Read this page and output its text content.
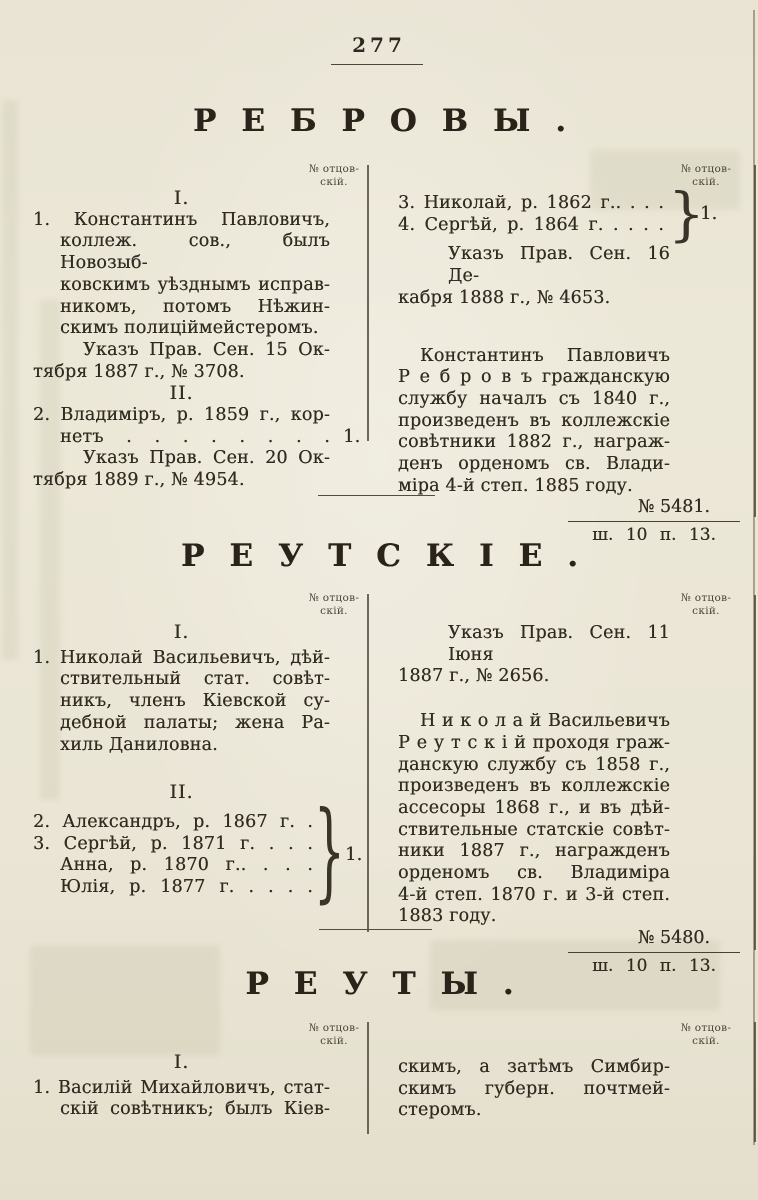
277
РЕБРОВЫ.
№ отцов-
скій.
I.
1. Константинъ Павловичъ,
коллеж. сов., былъ Новозыб-
ковскимъ уѣзднымъ исправ-
никомъ, потомъ Нѣжин-
скимъ полиціймейстеромъ.
Указъ Прав. Сен. 15 Ок-
тября 1887 г., № 3708.
II.
2. Владиміръ, р. 1859 г., кор-
нетъ . . . . . . . . 1.
Указъ Прав. Сен. 20 Ок-
тября 1889 г., № 4954.
№ отцов-
скій.
3. Николай, р. 1862 г.. . . .
4. Сергѣй, р. 1864 г. . . . . }
1.
Указъ Прав. Сен. 16 Де-
кабря 1888 г., № 4653.
Константинъ Павловичъ
Р е б р о в ъ гражданскую
службу началъ съ 1840 г.,
произведенъ въ коллежскіе
совѣтники 1882 г., награж-
денъ орденомъ св. Влади-
міра 4-й степ. 1885 году.
№ 5481.
ш. 10 п. 13.
РЕУТСКІЕ.
№ отцов-
скій.
I.
1. Николай Васильевичъ, дѣй-
ствительный стат. совѣт-
никъ, членъ Кіевской су-
дебной палаты; жена Ра-
хиль Даниловна.
II.
2. Александръ, р. 1867 г. .
3. Сергѣй, р. 1871 г. . . .
Анна, р. 1870 г.. . . .
Юлія, р. 1877 г. . . . . } 1.
№ отцов-
скій.
Указъ Прав. Сен. 11 Іюня
1887 г., № 2656.
Н и к о л а й Васильевичъ
Р е у т с к і й проходя граж-
данскую службу съ 1858 г.,
произведенъ въ коллежскіе
ассесоры 1868 г., и въ дѣй-
ствительные статскіе совѣт-
ники 1887 г., награжденъ
орденомъ св. Владиміра
4-й степ. 1870 г. и 3-й степ.
1883 году.
№ 5480.
ш. 10 п. 13.
РЕУТЫ.
№ отцов-
скій.
I.
1. Василій Михайловичъ, стат-
скій совѣтникъ; былъ Кіев-
№ отцов-
скій.
скимъ, а затѣмъ Симбир-
скимъ губерн. почтмей-
стеромъ.
